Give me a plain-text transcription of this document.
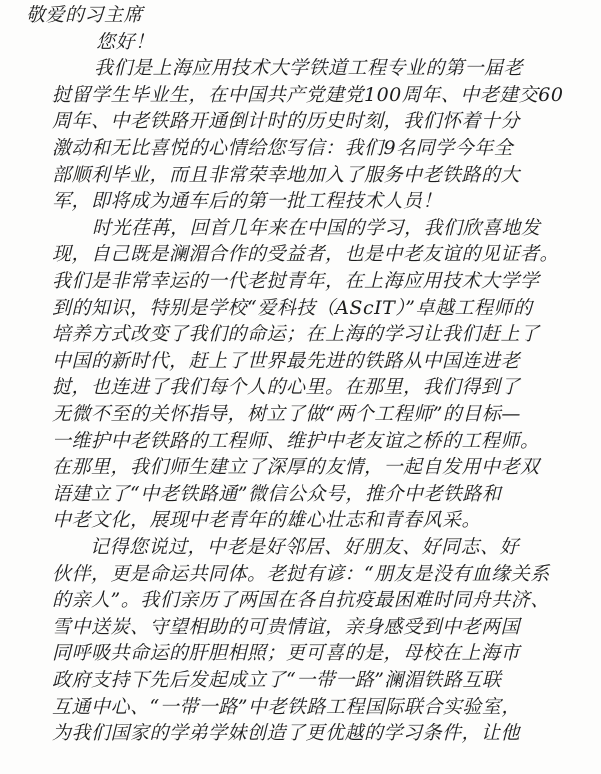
敬爱的习主席
您好！
我们是上海应用技术大学铁道工程专业的第一届老
挝留学生毕业生，在中国共产党建党100周年、中老建交60
周年、中老铁路开通倒计时的历史时刻，我们怀着十分
激动和无比喜悦的心情给您写信：我们9名同学今年全
部顺利毕业，而且非常荣幸地加入了服务中老铁路的大
军，即将成为通车后的第一批工程技术人员！
时光荏苒，回首几年来在中国的学习，我们欣喜地发
现，自己既是澜湄合作的受益者，也是中老友谊的见证者。
我们是非常幸运的一代老挝青年，在上海应用技术大学学
到的知识，特别是学校“爱科技（AScIT）”卓越工程师的
培养方式改变了我们的命运；在上海的学习让我们赶上了
中国的新时代，赶上了世界最先进的铁路从中国连进老
挝，也连进了我们每个人的心里。在那里，我们得到了
无微不至的关怀指导，树立了做“两个工程师”的目标—
一维护中老铁路的工程师、维护中老友谊之桥的工程师。
在那里，我们师生建立了深厚的友情，一起自发用中老双
语建立了“中老铁路通”微信公众号，推介中老铁路和
中老文化，展现中老青年的雄心壮志和青春风采。
记得您说过，中老是好邻居、好朋友、好同志、好
伙伴，更是命运共同体。老挝有谚：“朋友是没有血缘关系
的亲人”。我们亲历了两国在各自抗疫最困难时同舟共济、
雪中送炭、守望相助的可贵情谊，亲身感受到中老两国
同呼吸共命运的肝胆相照；更可喜的是，母校在上海市
政府支持下先后发起成立了“一带一路”澜湄铁路互联
互通中心、“一带一路”中老铁路工程国际联合实验室，
为我们国家的学弟学妹创造了更优越的学习条件，让他
